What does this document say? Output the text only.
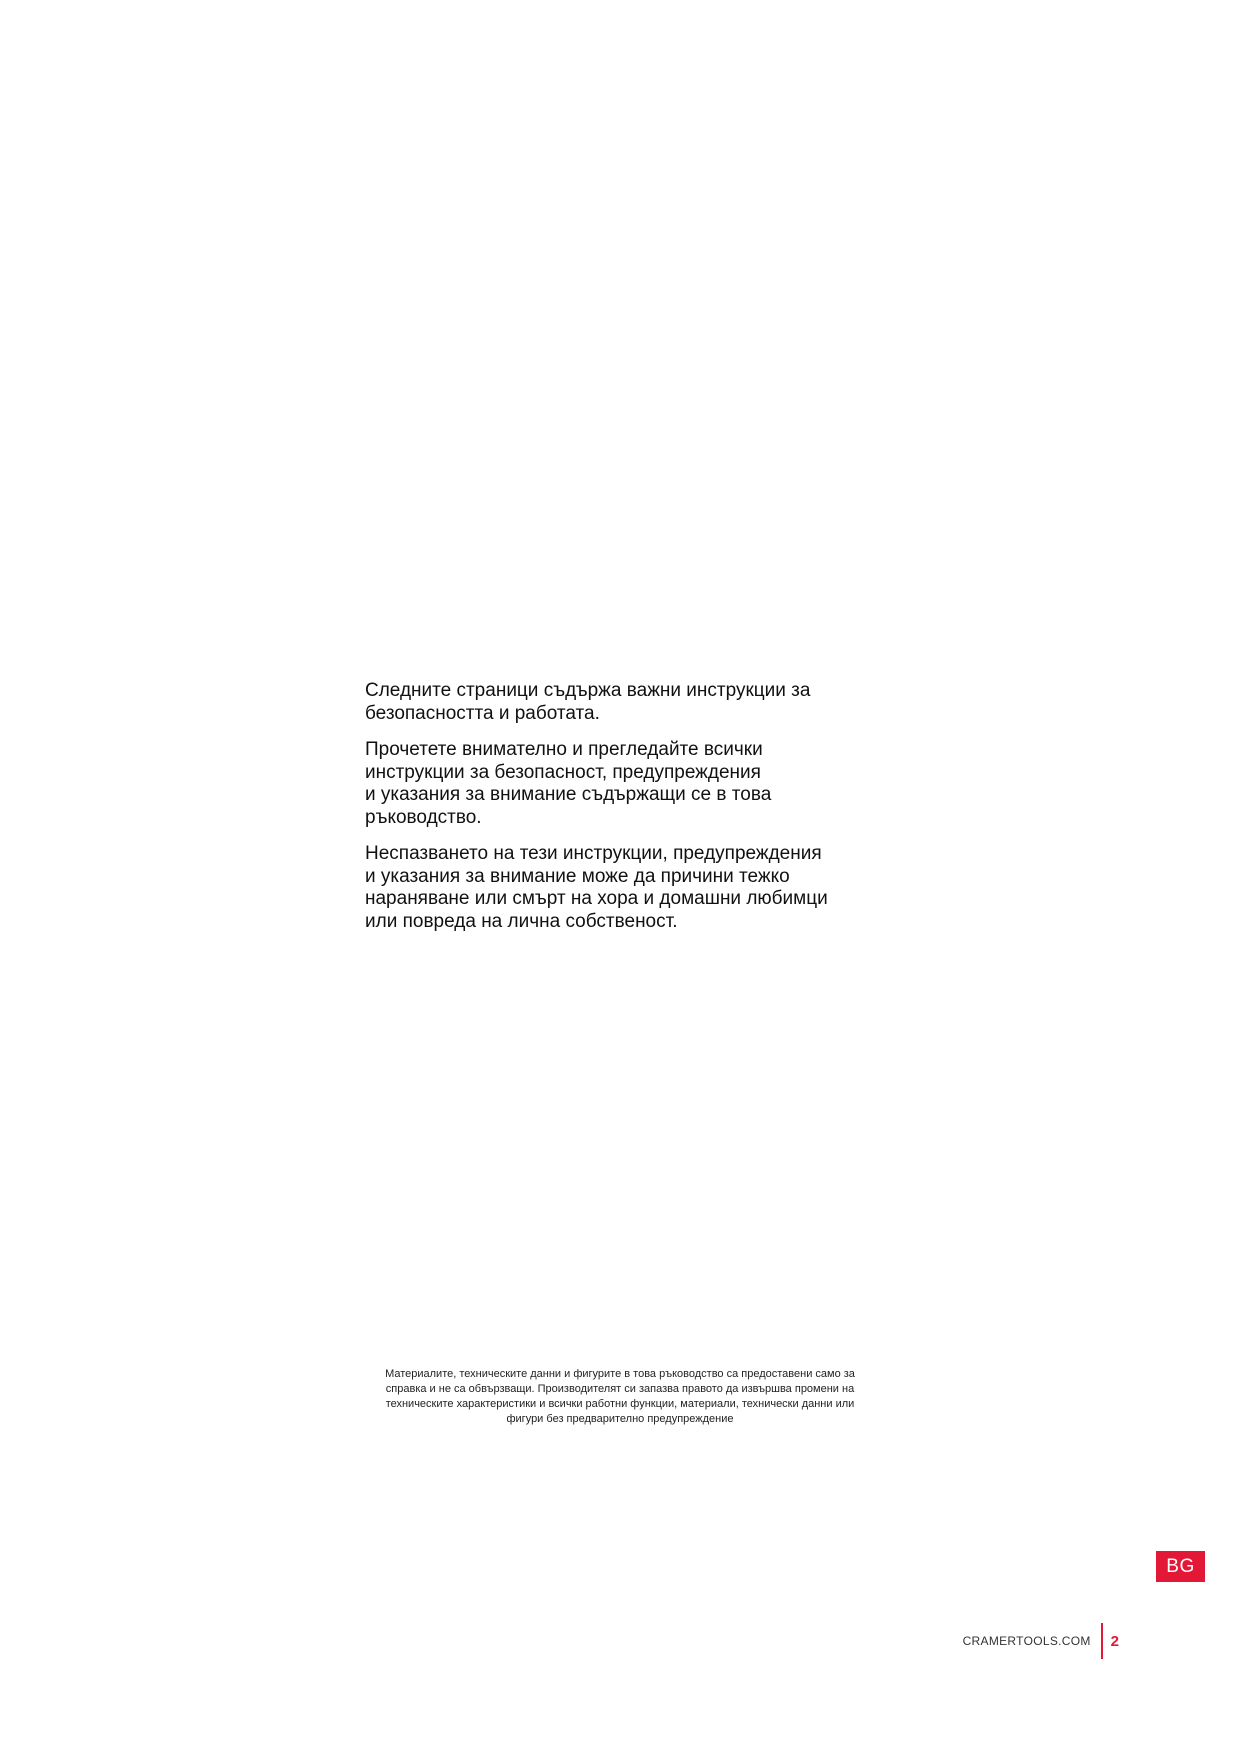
Следните страници съдържа важни инструкции за
безопасността и работата.

Прочетете внимателно и прегледайте всички
инструкции за безопасност, предупреждения
и указания за внимание съдържащи се в това
ръководство.

Неспазването на тези инструкции, предупреждения
и указания за внимание може да причини тежко
нараняване или смърт на хора и домашни любимци
или повреда на лична собственост.

Материалите, техническите данни и фигурите в това ръководство са предоставени само за
справка и не са обвързващи. Производителят си запазва правото да извършва промени на
техническите характеристики и всички работни функции, материали, технически данни или
фигури без предварително предупреждение
BG
CRAMERTOOLS.COM 2
